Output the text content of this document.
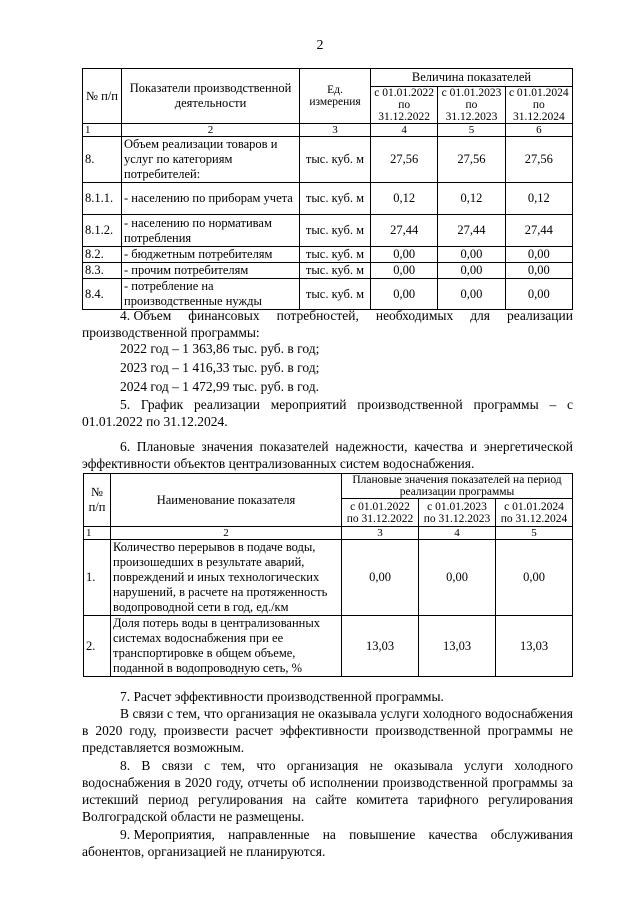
2
№ п/п	Показатели производственной деятельности	Ед. измерения	Величина показателей		
			с 01.01.2022 по 31.12.2022	с 01.01.2023 по 31.12.2023	с 01.01.2024 по 31.12.2024
1	2	3	4	5	6
8.	Объем реализации товаров и услуг по категориям потребителей:	тыс. куб. м	27,56	27,56	27,56
8.1.1.	- населению по приборам учета	тыс. куб. м	0,12	0,12	0,12
8.1.2.	- населению по нормативам потребления	тыс. куб. м	27,44	27,44	27,44
8.2.	- бюджетным потребителям	тыс. куб. м	0,00	0,00	0,00
8.3.	- прочим потребителям	тыс. куб. м	0,00	0,00	0,00
8.4.	- потребление на производственные нужды	тыс. куб. м	0,00	0,00	0,00
4. Объем финансовых потребностей, необходимых для реализации
производственной программы:
2022 год – 1 363,86 тыс. руб. в год;
2023 год – 1 416,33 тыс. руб. в год;
2024 год – 1 472,99 тыс. руб. в год.
5. График реализации мероприятий производственной программы – с 01.01.2022 по 31.12.2024.
6. Плановые значения показателей надежности, качества и энергетической эффективности объектов централизованных систем водоснабжения.
№ п/п	Наименование показателя	Плановые значения показателей на период реализации программы		
		с 01.01.2022 по 31.12.2022	с 01.01.2023 по 31.12.2023	с 01.01.2024 по 31.12.2024
1	2	3	4	5
1.	Количество перерывов в подаче воды, произошедших в результате аварий, повреждений и иных технологических нарушений, в расчете на протяженность водопроводной сети в год, ед./км	0,00	0,00	0,00
2.	Доля потерь воды в централизованных системах водоснабжения при ее транспортировке в общем объеме, поданной в водопроводную сеть, %	13,03	13,03	13,03
7. Расчет эффективности производственной программы.
В связи с тем, что организация не оказывала услуги холодного водоснабжения в 2020 году, произвести расчет эффективности производственной программы не представляется возможным.
8. В связи с тем, что организация не оказывала услуги холодного водоснабжения в 2020 году, отчеты об исполнении производственной программы за истекший период регулирования на сайте комитета тарифного регулирования Волгоградской области не размещены.
9. Мероприятия, направленные на повышение качества обслуживания
абонентов, организацией не планируются.
